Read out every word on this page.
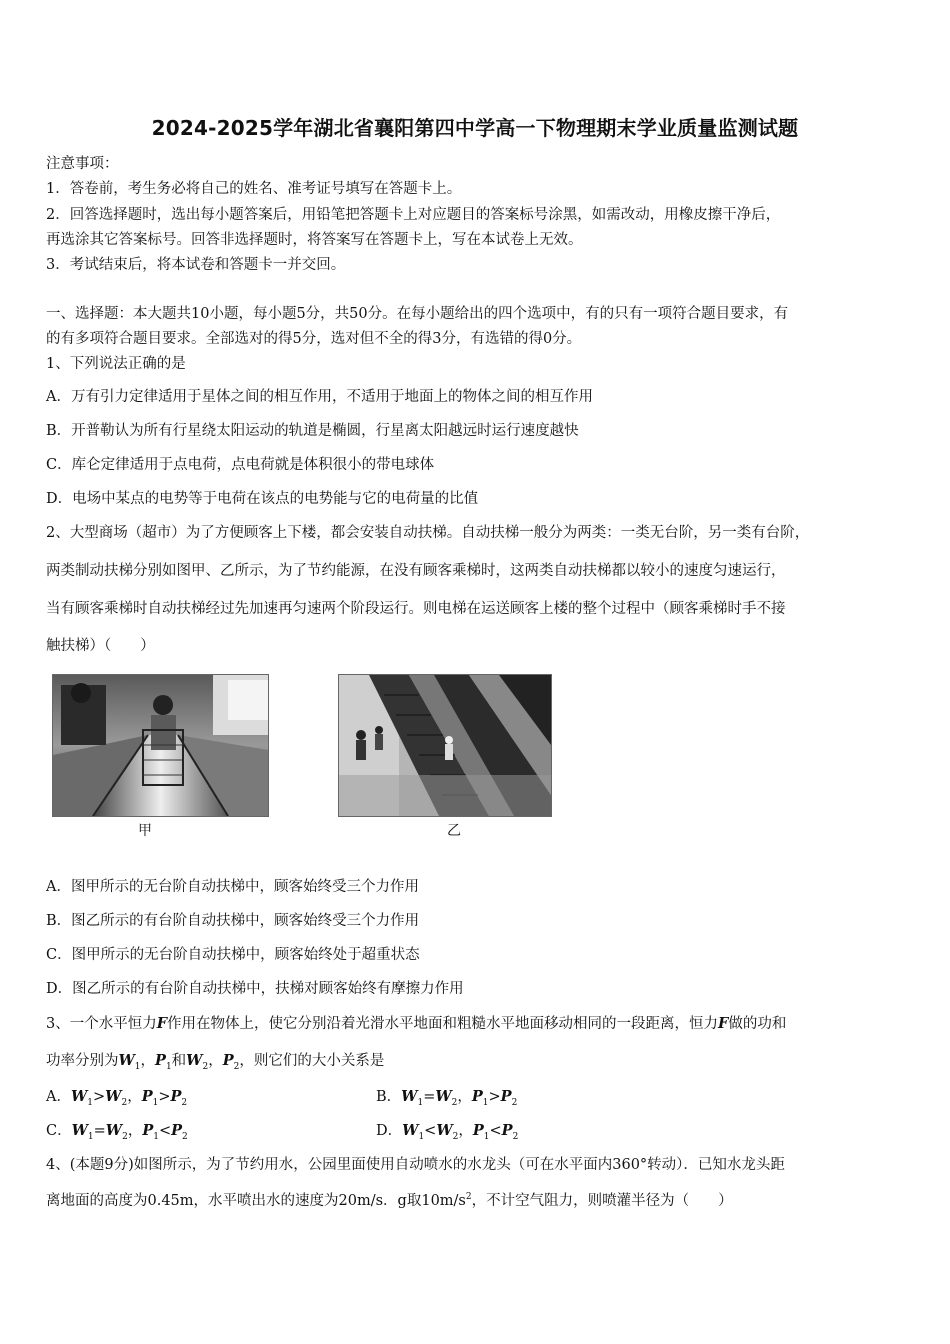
2024-2025学年湖北省襄阳第四中学高一下物理期末学业质量监测试题
注意事项：
1．答卷前，考生务必将自己的姓名、准考证号填写在答题卡上。
2．回答选择题时，选出每小题答案后，用铅笔把答题卡上对应题目的答案标号涂黑，如需改动，用橡皮擦干净后，
再选涂其它答案标号。回答非选择题时，将答案写在答题卡上，写在本试卷上无效。
3．考试结束后，将本试卷和答题卡一并交回。
一、选择题：本大题共10小题，每小题5分，共50分。在每小题给出的四个选项中，有的只有一项符合题目要求，有
的有多项符合题目要求。全部选对的得5分，选对但不全的得3分，有选错的得0分。
1、下列说法正确的是
A．万有引力定律适用于星体之间的相互作用，不适用于地面上的物体之间的相互作用
B．开普勒认为所有行星绕太阳运动的轨道是椭圆，行星离太阳越远时运行速度越快
C．库仑定律适用于点电荷，点电荷就是体积很小的带电球体
D．电场中某点的电势等于电荷在该点的电势能与它的电荷量的比值
2、大型商场（超市）为了方便顾客上下楼，都会安装自动扶梯。自动扶梯一般分为两类：一类无台阶，另一类有台阶，
两类制动扶梯分别如图甲、乙所示，为了节约能源，在没有顾客乘梯时，这两类自动扶梯都以较小的速度匀速运行，
当有顾客乘梯时自动扶梯经过先加速再匀速两个阶段运行。则电梯在运送顾客上楼的整个过程中（顾客乘梯时手不接
触扶梯）（　　）
甲	乙
A．图甲所示的无台阶自动扶梯中，顾客始终受三个力作用
B．图乙所示的有台阶自动扶梯中，顾客始终受三个力作用
C．图甲所示的无台阶自动扶梯中，顾客始终处于超重状态
D．图乙所示的有台阶自动扶梯中，扶梯对顾客始终有摩擦力作用
3、一个水平恒力F作用在物体上，使它分别沿着光滑水平地面和粗糙水平地面移动相同的一段距离，恒力F做的功和
功率分别为$W_1$，$P_1$和$W_2$，$P_2$，则它们的大小关系是
A．$W_1>W_2$，$P_1>P_2$	B．$W_1=W_2$，$P_1>P_2$
C．$W_1=W_2$，$P_1<P_2$	D．$W_1<W_2$，$P_1<P_2$
4、(本题9分)如图所示，为了节约用水，公园里面使用自动喷水的水龙头（可在水平面内360°转动）．已知水龙头距
离地面的高度为0.45m，水平喷出水的速度为20m/s．g取$10m/s^2$，不计空气阻力，则喷灌半径为（　　）
